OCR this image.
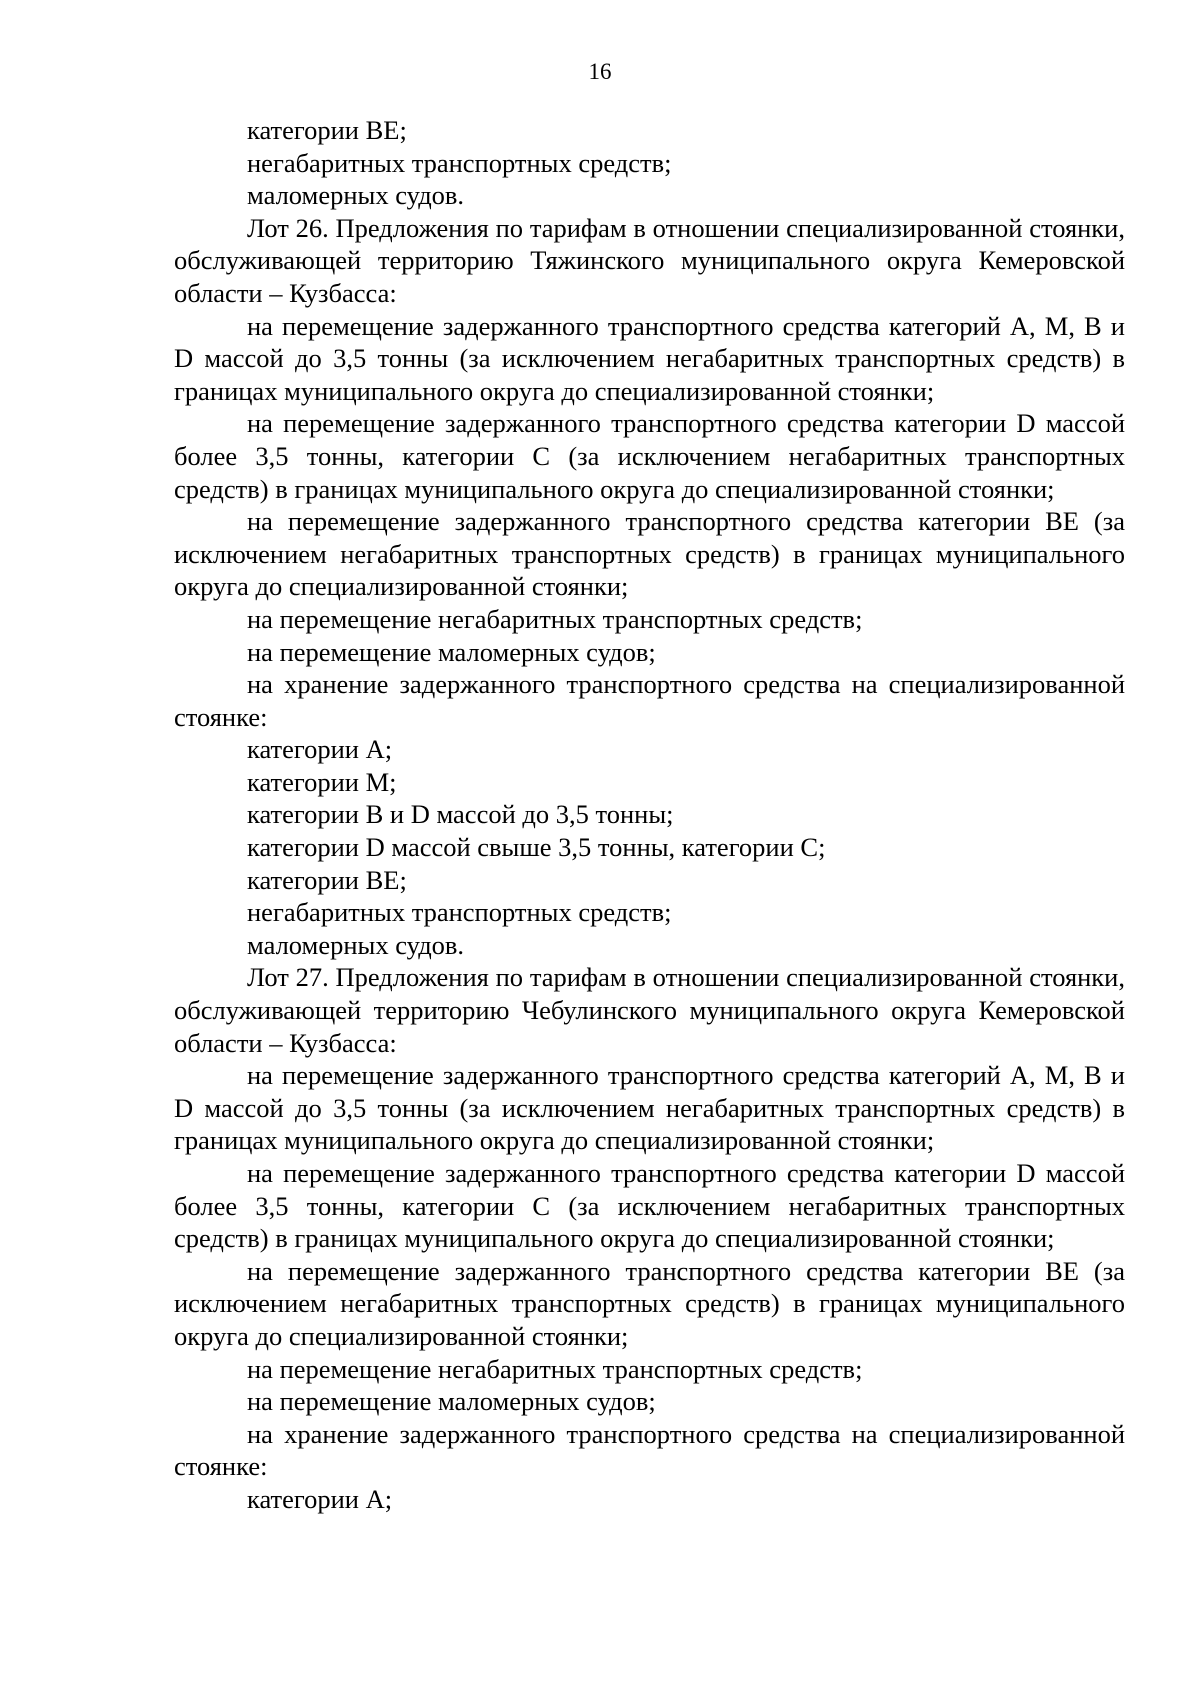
16

категории ВЕ;

негабаритных транспортных средств;

маломерных судов.

Лот 26. Предложения по тарифам в отношении специализированной стоянки, обслуживающей территорию Тяжинского муниципального округа Кемеровской области – Кузбасса:

на перемещение задержанного транспортного средства категорий А, М, В и D массой до 3,5 тонны (за исключением негабаритных транспортных средств) в границах муниципального округа до специализированной стоянки;

на перемещение задержанного транспортного средства категории D массой более 3,5 тонны, категории С (за исключением негабаритных транспортных средств) в границах муниципального округа до специализированной стоянки;

на перемещение задержанного транспортного средства категории ВЕ (за исключением негабаритных транспортных средств) в границах муниципального округа до специализированной стоянки;

на перемещение негабаритных транспортных средств;

на перемещение маломерных судов;

на хранение задержанного транспортного средства на специализированной стоянке:

категории А;

категории М;

категории В и D массой до 3,5 тонны;

категории D массой свыше 3,5 тонны, категории С;

категории ВЕ;

негабаритных транспортных средств;

маломерных судов.

Лот 27. Предложения по тарифам в отношении специализированной стоянки, обслуживающей территорию Чебулинского муниципального округа Кемеровской области – Кузбасса:

на перемещение задержанного транспортного средства категорий А, М, В и D массой до 3,5 тонны (за исключением негабаритных транспортных средств) в границах муниципального округа до специализированной стоянки;

на перемещение задержанного транспортного средства категории D массой более 3,5 тонны, категории С (за исключением негабаритных транспортных средств) в границах муниципального округа до специализированной стоянки;

на перемещение задержанного транспортного средства категории ВЕ (за исключением негабаритных транспортных средств) в границах муниципального округа до специализированной стоянки;

на перемещение негабаритных транспортных средств;

на перемещение маломерных судов;

на хранение задержанного транспортного средства на специализированной стоянке:

категории А;
